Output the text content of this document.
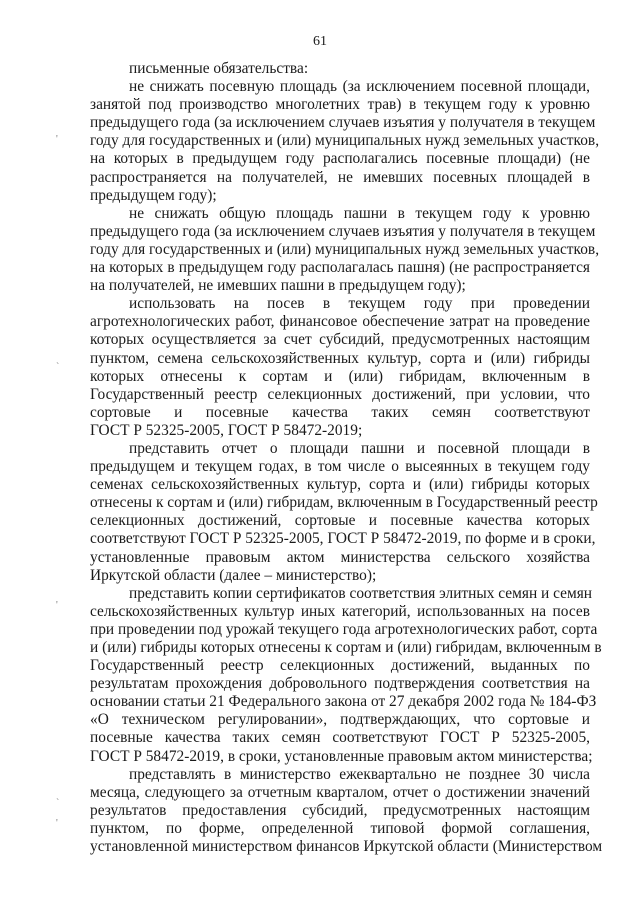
61
'
`
'
`
'
письменные обязательства:
не снижать посевную площадь (за исключением посевной площади,
занятой под производство многолетних трав) в текущем году к уровню
предыдущего года (за исключением случаев изъятия у получателя в текущем
году для государственных и (или) муниципальных нужд земельных участков,
на которых в предыдущем году располагались посевные площади) (не
распространяется на получателей, не имевших посевных площадей в
предыдущем году);
не снижать общую площадь пашни в текущем году к уровню
предыдущего года (за исключением случаев изъятия у получателя в текущем
году для государственных и (или) муниципальных нужд земельных участков,
на которых в предыдущем году располагалась пашня) (не распространяется
на получателей, не имевших пашни в предыдущем году);
использовать на посев в текущем году при проведении
агротехнологических работ, финансовое обеспечение затрат на проведение
которых осуществляется за счет субсидий, предусмотренных настоящим
пунктом, семена сельскохозяйственных культур, сорта и (или) гибриды
которых отнесены к сортам и (или) гибридам, включенным в
Государственный реестр селекционных достижений, при условии, что
сортовые и посевные качества таких семян соответствуют
ГОСТ Р 52325-2005, ГОСТ Р 58472-2019;
представить отчет о площади пашни и посевной площади в
предыдущем и текущем годах, в том числе о высеянных в текущем году
семенах сельскохозяйственных культур, сорта и (или) гибриды которых
отнесены к сортам и (или) гибридам, включенным в Государственный реестр
селекционных достижений, сортовые и посевные качества которых
соответствуют ГОСТ Р 52325-2005, ГОСТ Р 58472-2019, по форме и в сроки,
установленные правовым актом министерства сельского хозяйства
Иркутской области (далее – министерство);
представить копии сертификатов соответствия элитных семян и семян
сельскохозяйственных культур иных категорий, использованных на посев
при проведении под урожай текущего года агротехнологических работ, сорта
и (или) гибриды которых отнесены к сортам и (или) гибридам, включенным в
Государственный реестр селекционных достижений, выданных по
результатам прохождения добровольного подтверждения соответствия на
основании статьи 21 Федерального закона от 27 декабря 2002 года № 184-ФЗ
«О техническом регулировании», подтверждающих, что сортовые и
посевные качества таких семян соответствуют ГОСТ Р 52325-2005,
ГОСТ Р 58472-2019, в сроки, установленные правовым актом министерства;
представлять в министерство ежеквартально не позднее 30 числа
месяца, следующего за отчетным кварталом, отчет о достижении значений
результатов предоставления субсидий, предусмотренных настоящим
пунктом, по форме, определенной типовой формой соглашения,
установленной министерством финансов Иркутской области (Министерством
